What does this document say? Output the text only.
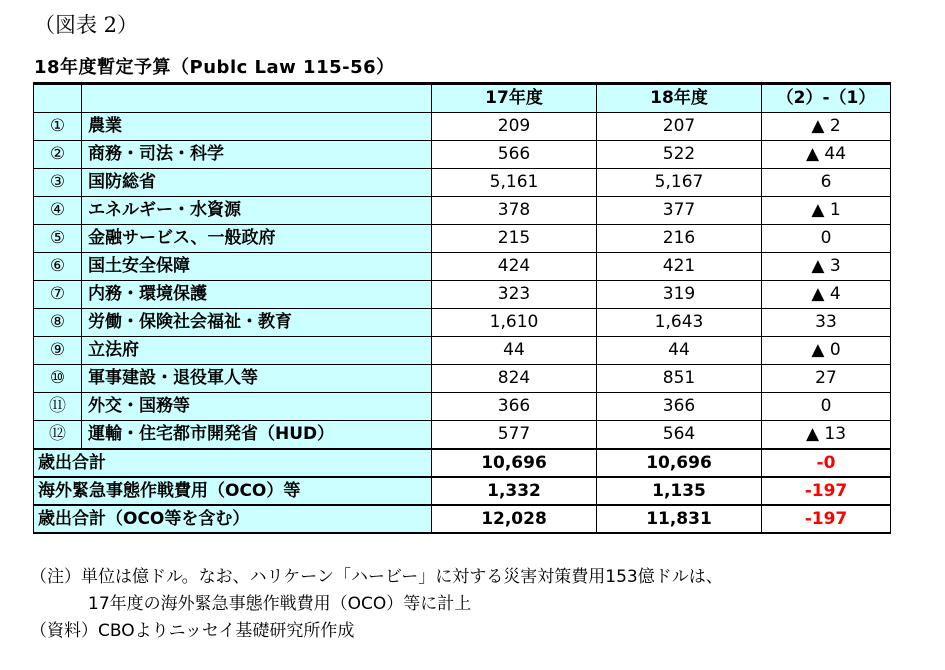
（図表 2）
18年度暫定予算（Publc Law 115-56）
		17年度	18年度	（2）-（1）
①	農業	209	207	▲ 2
②	商務・司法・科学	566	522	▲ 44
③	国防総省	5,161	5,167	6
④	エネルギー・水資源	378	377	▲ 1
⑤	金融サービス、一般政府	215	216	0
⑥	国土安全保障	424	421	▲ 3
⑦	内務・環境保護	323	319	▲ 4
⑧	労働・保険社会福祉・教育	1,610	1,643	33
⑨	立法府	44	44	▲ 0
⑩	軍事建設・退役軍人等	824	851	27
⑪	外交・国務等	366	366	0
⑫	運輸・住宅都市開発省（HUD）	577	564	▲ 13
歳出合計		10,696	10,696	-0
海外緊急事態作戦費用（OCO）等		1,332	1,135	-197
歳出合計（OCO等を含む）		12,028	11,831	-197
（注）単位は億ドル。なお、ハリケーン「ハービー」に対する災害対策費用153億ドルは、
17年度の海外緊急事態作戦費用（OCO）等に計上
（資料）CBOよりニッセイ基礎研究所作成
